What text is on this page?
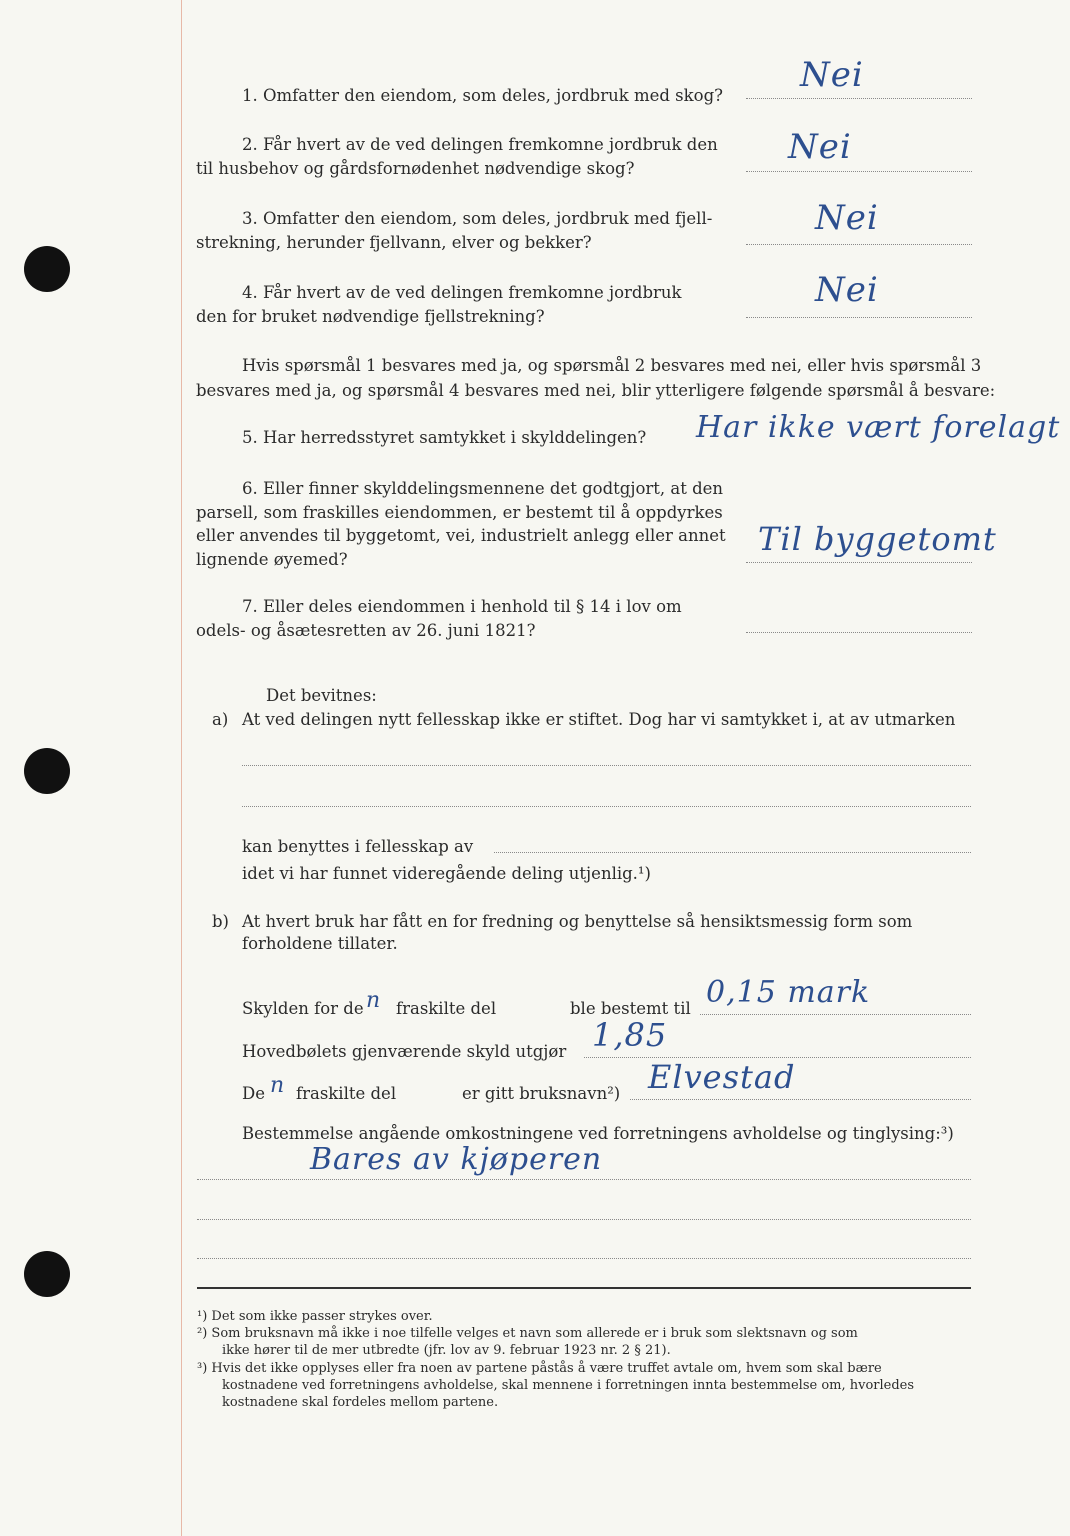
1. Omfatter den eiendom, som deles, jordbruk med skog?
Nei
2. Får hvert av de ved delingen fremkomne jordbruk den
til husbehov og gårdsfornødenhet nødvendige skog?
Nei
3. Omfatter den eiendom, som deles, jordbruk med fjell-
strekning, herunder fjellvann, elver og bekker?
Nei
4. Får hvert av de ved delingen fremkomne jordbruk
den for bruket nødvendige fjellstrekning?
Nei
Hvis spørsmål 1 besvares med ja, og spørsmål 2 besvares med nei, eller hvis spørsmål 3
besvares med ja, og spørsmål 4 besvares med nei, blir ytterligere følgende spørsmål å besvare:
5. Har herredsstyret samtykket i skylddelingen? Har ikke vært forelagt
6. Eller finner skylddelingsmennene det godtgjort, at den
parsell, som fraskilles eiendommen, er bestemt til å oppdyrkes
eller anvendes til byggetomt, vei, industrielt anlegg eller annet
lignende øyemed?
Til byggetomt
7. Eller deles eiendommen i henhold til § 14 i lov om
odels- og åsætesretten av 26. juni 1821?
Det bevitnes:
a) At ved delingen nytt fellesskap ikke er stiftet. Dog har vi samtykket i, at av utmarken
kan benyttes i fellesskap av
idet vi har funnet videregående deling utjenlig.¹)
b) At hvert bruk har fått en for fredning og benyttelse så hensiktsmessig form som
forholdene tillater.
Skylden for de n fraskilte del	ble bestemt til 0,15 mark
Hovedbølets gjenværende skyld utgjør 1,85
De n fraskilte del	er gitt bruksnavn²) Elvestad
Bestemmelse angående omkostningene ved forretningens avholdelse og tinglysing:³)
Bares av kjøperen
¹) Det som ikke passer strykes over.
²) Som bruksnavn må ikke i noe tilfelle velges et navn som allerede er i bruk som slektsnavn og som
ikke hører til de mer utbredte (jfr. lov av 9. februar 1923 nr. 2 § 21).
³) Hvis det ikke opplyses eller fra noen av partene påstås å være truffet avtale om, hvem som skal bære
kostnadene ved forretningens avholdelse, skal mennene i forretningen innta bestemmelse om, hvorledes
kostnadene skal fordeles mellom partene.
